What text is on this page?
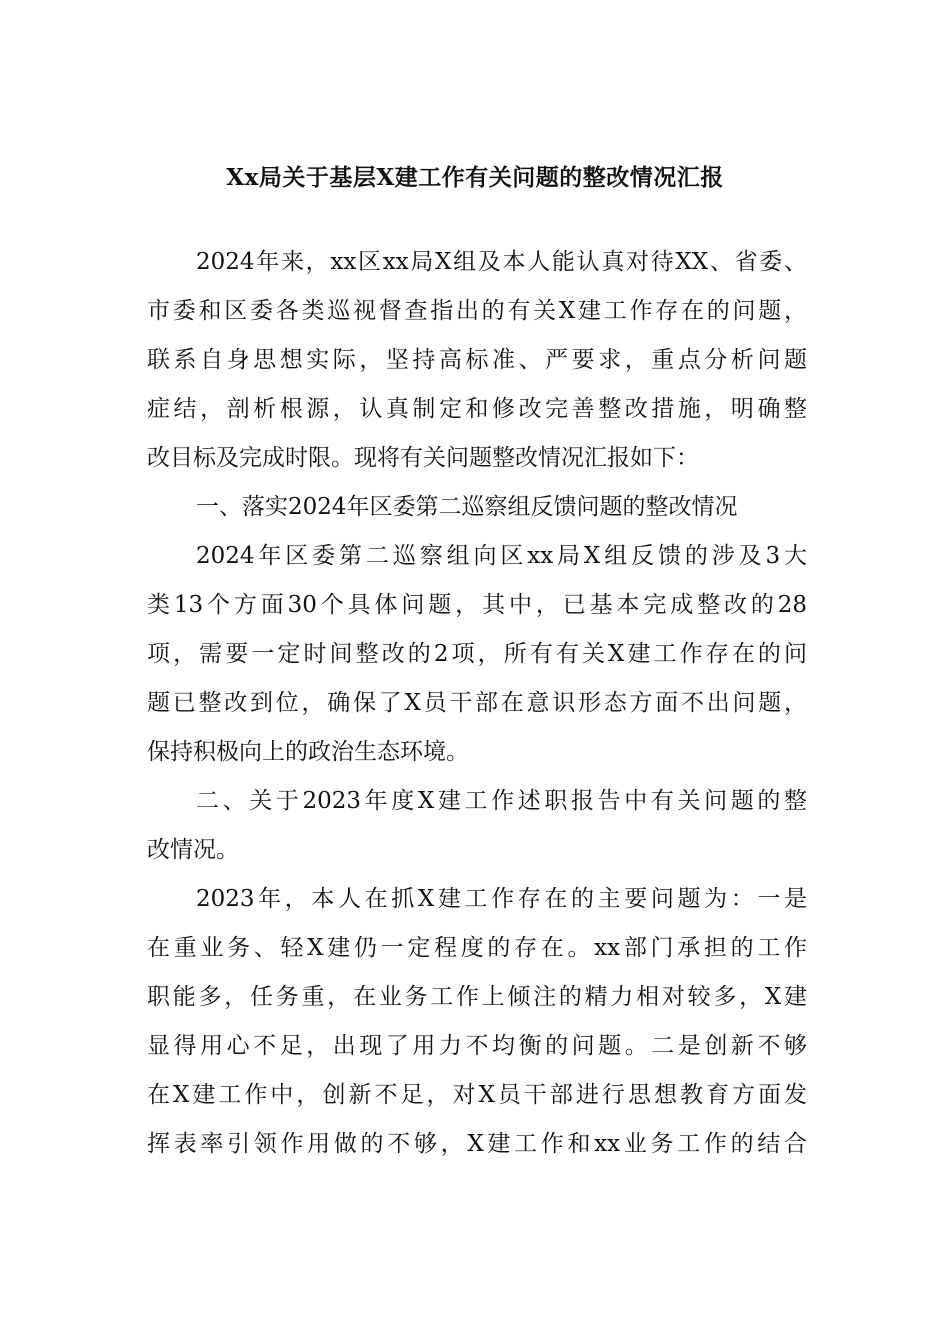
Xx局关于基层X建工作有关问题的整改情况汇报
2024年来，xx区xx局X组及本人能认真对待XX、省委、
市委和区委各类巡视督查指出的有关X建工作存在的问题，
联系自身思想实际，坚持高标准、严要求，重点分析问题
症结，剖析根源，认真制定和修改完善整改措施，明确整
改目标及完成时限。现将有关问题整改情况汇报如下：
一、落实2024年区委第二巡察组反馈问题的整改情况
2024年区委第二巡察组向区xx局X组反馈的涉及3大
类13个方面30个具体问题，其中，已基本完成整改的28
项，需要一定时间整改的2项，所有有关X建工作存在的问
题已整改到位，确保了X员干部在意识形态方面不出问题，
保持积极向上的政治生态环境。
二、关于2023年度X建工作述职报告中有关问题的整
改情况。
2023年，本人在抓X建工作存在的主要问题为：一是
在重业务、轻X建仍一定程度的存在。xx部门承担的工作
职能多，任务重，在业务工作上倾注的精力相对较多，X建
显得用心不足，出现了用力不均衡的问题。二是创新不够
在X建工作中，创新不足，对X员干部进行思想教育方面发
挥表率引领作用做的不够，X建工作和xx业务工作的结合
